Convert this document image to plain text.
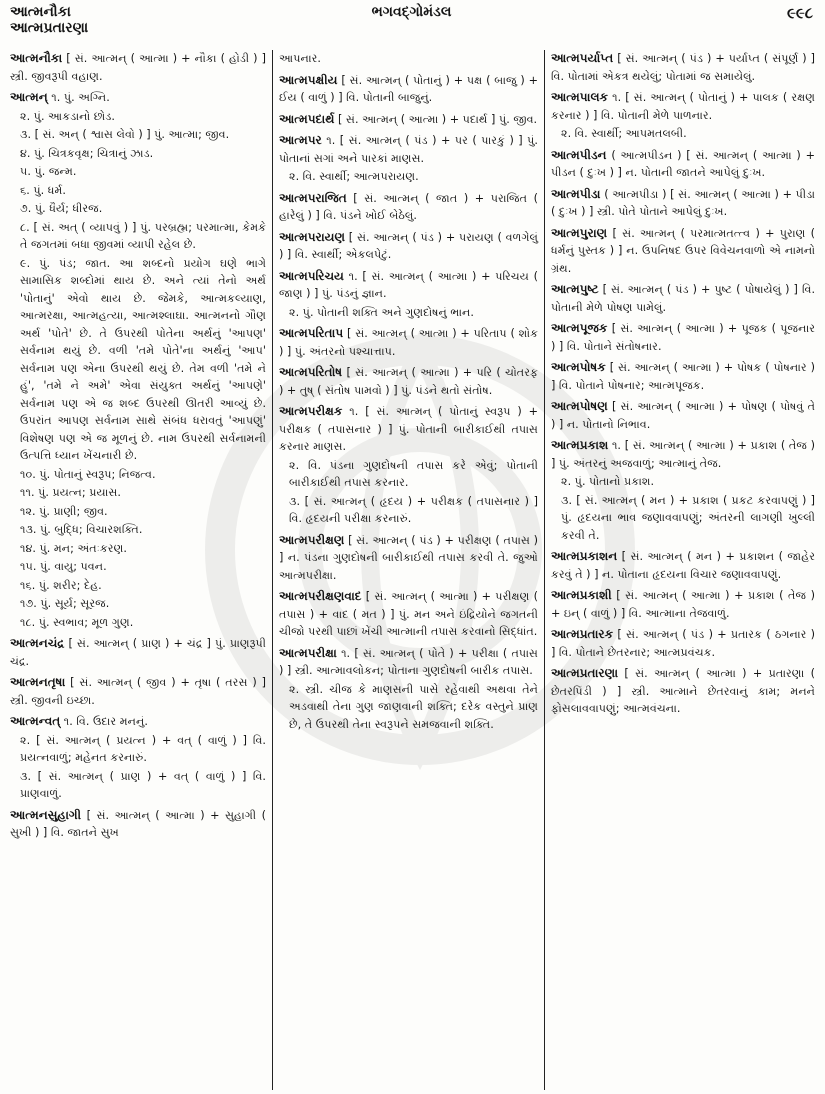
આત્મનૌકા
આત્મપ્રતારણા
ભગવદ્ગોમંડલ	૯૯૮
આત્મનૌકા [ સં. આત્મન્ ( આત્મા ) + નૌકા ( હોડી ) ] સ્ત્રી. જીવરૂપી વહાણ.
આત્મન્ ૧. પું. અગ્નિ.
૨. પું. આકડાનો છોડ.
૩. [ સં. અન્ ( શ્વાસ લેવો ) ] પું. આત્મા; જીવ.
૪. પું. ચિત્રકવૃક્ષ; ચિત્રાનું ઝાડ.
૫. પું. જન્મ.
૬. પું. ધર્મ.
૭. પું. ધૈર્ય; ધીરજ.
૮. [ સં. અત્ ( વ્યાપવું ) ] પું. પરબ્રહ્મ; પરમાત્મા, કેમકે તે જગતમાં બધા જીવમાં વ્યાપી રહેલ છે.
૯. પું. પંડ; જાત. આ શબ્દનો પ્રયોગ ઘણે ભાગે સામાસિક શબ્દોમાં થાય છે. અને ત્યાં તેનો અર્થ 'પોતાનું' એવો થાય છે. જેમકે, આત્મકલ્યાણ, આત્મરક્ષા, આત્મહત્યા, આત્મશ્લાઘા. આત્મનનો ગૌણ અર્થ 'પોતે' છે. તે ઉપરથી પોતેના અર્થનું 'આપણ' સર્વનામ થયું છે. વળી 'તમે પોતે'ના અર્થનું 'આપ' સર્વનામ પણ એના ઉપરથી થયું છે. તેમ વળી 'તમે ને હું', 'તમે ને અમે' એવા સંયુક્ત અર્થનું 'આપણે' સર્વનામ પણ એ જ શબ્દ ઉપરથી ઊતરી આવ્યું છે. ઉપરાંત આપણ સર્વનામ સાથે સંબંધ ધરાવતું 'આપણું' વિશેષણ પણ એ જ મૂળનું છે. નામ ઉપરથી સર્વનામની ઉત્પત્તિ ધ્યાન ખેંચનારી છે.
૧૦. પું. પોતાનું સ્વરૂપ; નિજત્વ.
૧૧. પું. પ્રયત્ન; પ્રયાસ.
૧૨. પું. પ્રાણી; જીવ.
૧૩. પું. બુદ્ધિ; વિચારશક્તિ.
૧૪. પું. મન; અંતઃકરણ.
૧૫. પું. વાયુ; પવન.
૧૬. પું. શરીર; દેહ.
૧૭. પું. સૂર્ય; સૂરજ.
૧૮. પું. સ્વભાવ; મૂળ ગુણ.
આત્મનચંદ્ર [ સં. આત્મન્ ( પ્રાણ ) + ચંદ્ર ] પું. પ્રાણરૂપી ચંદ્ર.
આત્મનતૃષા [ સં. આત્મન્ ( જીવ ) + તૃષા ( તરસ ) ] સ્ત્રી. જીવની ઇચ્છા.
આત્મન્વત્ ૧. વિ. ઉદાર મનનું.
૨. [ સં. આત્મન્ ( પ્રયત્ન ) + વત્ ( વાળું ) ] વિ. પ્રયત્નવાળું; મહેનત કરનારું.
૩. [ સં. આત્મન્ ( પ્રાણ ) + વત્ ( વાળું ) ] વિ. પ્રાણવાળું.
આત્મનસુહાગી [ સં. આત્મન્ ( આત્મા ) + સુહાગી ( સુખી ) ] વિ. જાતને સુખ
આપનાર.
આત્મપક્ષીય [ સં. આત્મન્ ( પોતાનું ) + પક્ષ ( બાજુ ) + ઈય ( વાળું ) ] વિ. પોતાની બાજુનું.
આત્મપદાર્થ [ સં. આત્મન્ ( આત્મા ) + પદાર્થ ] પું. જીવ.
આત્મપર ૧. [ સં. આત્મન્ ( પંડ ) + પર ( પારકું ) ] પું. પોતાનાં સગાં અને પારકાં માણસ.
૨. વિ. સ્વાર્થી; આત્મપરાયણ.
આત્મપરાજિત [ સં. આત્મન્ ( જાત ) + પરાજિત ( હારેલું ) ] વિ. પંડને ખોઈ બેઠેલું.
આત્મપરાયણ [ સં. આત્મન્ ( પંડ ) + પરાયણ ( વળગેલું ) ] વિ. સ્વાર્થી; એકલપેટું.
આત્મપરિચય ૧. [ સં. આત્મન્ ( આત્મા ) + પરિચય ( જાણ ) ] પું. પંડનું જ્ઞાન.
૨. પું. પોતાની શક્તિ અને ગુણદોષનું ભાન.
આત્મપરિતાપ [ સં. આત્મન્ ( આત્મા ) + પરિતાપ ( શોક ) ] પું. અંતરનો પશ્ચાત્તાપ.
આત્મપરિતોષ [ સં. આત્મન્ ( આત્મા ) + પરિ ( ચોતરફ ) + તુષ્ ( સંતોષ પામવો ) ] પું. પંડને થતો સંતોષ.
આત્મપરીક્ષક ૧. [ સં. આત્મન્ ( પોતાનું સ્વરૂપ ) + પરીક્ષક ( તપાસનાર ) ] પું. પોતાની બારીકાઈથી તપાસ કરનાર માણસ.
૨. વિ. પંડના ગુણદોષની તપાસ કરે એવું; પોતાની બારીકાઈથી તપાસ કરનાર.
૩. [ સં. આત્મન્ ( હૃદય ) + પરીક્ષક ( તપાસનાર ) ] વિ. હૃદયની પરીક્ષા કરનારું.
આત્મપરીક્ષણ [ સં. આત્મન્ ( પંડ ) + પરીક્ષણ ( તપાસ ) ] ન. પંડના ગુણદોષની બારીકાઈથી તપાસ કરવી તે. જુઓ આત્મપરીક્ષા.
આત્મપરીક્ષણવાદ [ સં. આત્મન્ ( આત્મા ) + પરીક્ષણ ( તપાસ ) + વાદ ( મત ) ] પું. મન અને ઇંદ્રિયોને જગતની ચીજો પરથી પાછાં ખેંચી આત્માની તપાસ કરવાનો સિદ્ધાંત.
આત્મપરીક્ષા ૧. [ સં. આત્મન્ ( પોતે ) + પરીક્ષા ( તપાસ ) ] સ્ત્રી. આત્માવલોકન; પોતાના ગુણદોષની બારીક તપાસ.
૨. સ્ત્રી. ચીજ કે માણસની પાસે રહેવાથી અથવા તેને અડવાથી તેના ગુણ જાણવાની શક્તિ; દરેક વસ્તુને પ્રાણ છે, તે ઉપરથી તેના સ્વરૂપને સમજવાની શક્તિ.
આત્મપર્યાપ્ત [ સં. આત્મન્ ( પંડ ) + પર્યાપ્ત ( સંપૂર્ણ ) ] વિ. પોતામાં એકત્ર થયેલું; પોતામાં જ સમાયેલું.
આત્મપાલક ૧. [ સં. આત્મન્ ( પોતાનું ) + પાલક ( રક્ષણ કરનાર ) ] વિ. પોતાની મેળે પાળનાર.
૨. વિ. સ્વાર્થી; આપમતલબી.
આત્મપીડન ( આત્મપીડન ) [ સં. આત્મન્ ( આત્મા ) + પીડન ( દુઃખ ) ] ન. પોતાની જાતને આપેલું દુઃખ.
આત્મપીડા ( આત્મપીડા ) [ સં. આત્મન્ ( આત્મા ) + પીડા ( દુઃખ ) ] સ્ત્રી. પોતે પોતાને આપેલું દુઃખ.
આત્મપુરાણ [ સં. આત્મન્ ( પરમાત્મતત્ત્વ ) + પુરાણ ( ધર્મનું પુસ્તક ) ] ન. ઉપનિષદ ઉપર વિવેચનવાળો એ નામનો ગ્રંથ.
આત્મપુષ્ટ [ સં. આત્મન્ ( પંડ ) + પુષ્ટ ( પોષાયેલું ) ] વિ. પોતાની મેળે પોષણ પામેલું.
આત્મપૂજક [ સં. આત્મન્ ( આત્મા ) + પૂજક ( પૂજનાર ) ] વિ. પોતાને સંતોષનાર.
આત્મપોષક [ સં. આત્મન્ ( આત્મા ) + પોષક ( પોષનાર ) ] વિ. પોતાને પોષનાર; આત્મપૂજક.
આત્મપોષણ [ સં. આત્મન્ ( આત્મા ) + પોષણ ( પોષવું તે ) ] ન. પોતાનો નિભાવ.
આત્મપ્રકાશ ૧. [ સં. આત્મન્ ( આત્મા ) + પ્રકાશ ( તેજ ) ] પું. અંતરનું અજવાળું; આત્માનું તેજ.
૨. પું. પોતાનો પ્રકાશ.
૩. [ સં. આત્મન્ ( મન ) + પ્રકાશ ( પ્રકટ કરવાપણું ) ] પું. હૃદયના ભાવ જણાવવાપણું; અંતરની લાગણી ખુલ્લી કરવી તે.
આત્મપ્રકાશન [ સં. આત્મન્ ( મન ) + પ્રકાશન ( જાહેર કરવું તે ) ] ન. પોતાના હૃદયના વિચાર જણાવવાપણું.
આત્મપ્રકાશી [ સં. આત્મન્ ( આત્મા ) + પ્રકાશ ( તેજ ) + ઇન્ ( વાળું ) ] વિ. આત્માના તેજવાળું.
આત્મપ્રતારક [ સં. આત્મન્ ( પંડ ) + પ્રતારક ( ઠગનાર ) ] વિ. પોતાને છેતરનાર; આત્મપ્રવંચક.
આત્મપ્રતારણા [ સં. આત્મન્ ( આત્મા ) + પ્રતારણા ( છેતરપિંડી ) ] સ્ત્રી. આત્માને છેતરવાનું કામ; મનને ફોસલાવવાપણું; આત્મવંચના.
